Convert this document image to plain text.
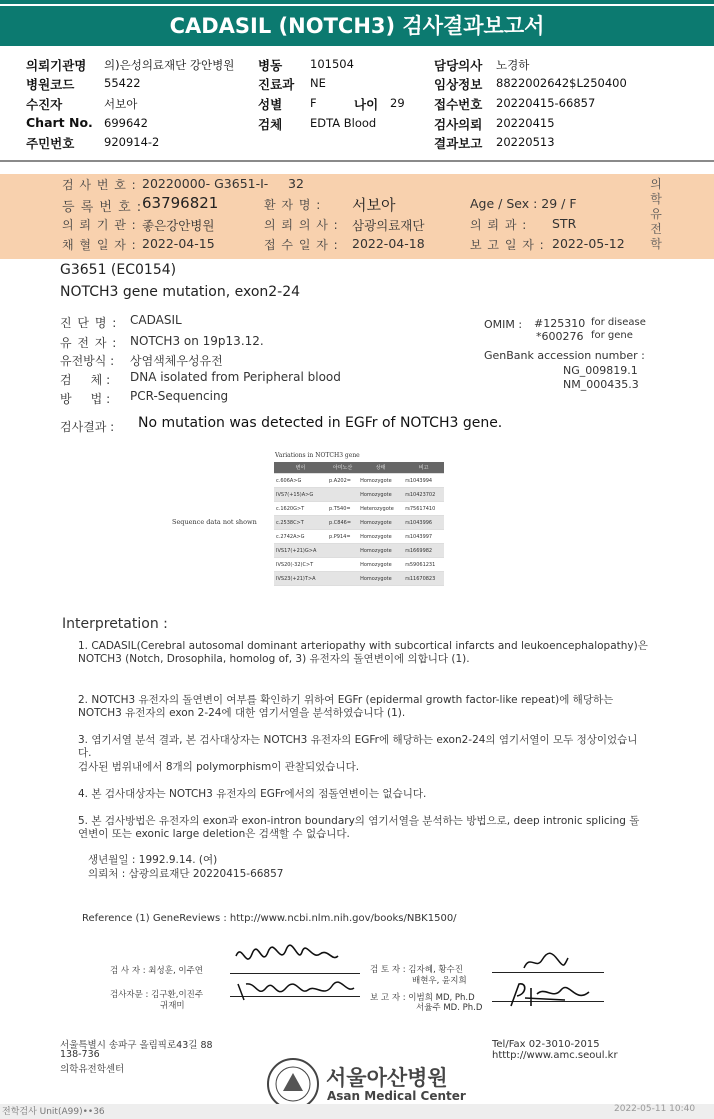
CADASIL (NOTCH3) 검사결과보고서
의뢰기관명 의)은성의료재단 강안병원
병원코드	55422
수진자	서보아
Chart No. 699642
주민번호	920914-2
병동 101504
진료과 NE
성별 F	나이 29
검체 EDTA Blood
담당의사 노경하
임상정보 8822002642$L250400
접수번호 20220415-66857
검사의뢰 20220415
결과보고 20220513
검 사 번 호 : 20220000- G3651-I- 32
등 록 번 호 : 63796821	환 자 명 : 서보아	Age / Sex : 29 / F
의 뢰 기 관 : 좋은강안병원	의 뢰 의 사 : 삼광의료재단	의 뢰 과 : STR
채 혈 일 자 : 2022-04-15	접 수 일 자 : 2022-04-18	보 고 일 자 : 2022-05-12
의
학
유
전
학
G3651 (EC0154)
NOTCH3 gene mutation, exon2-24
진 단 명 : CADASIL
유 전 자 : NOTCH3 on 19p13.12.
유전방식 : 상염색체우성유전
검     체 : DNA isolated from Peripheral blood
방     법 : PCR-Sequencing
OMIM : #125310 for disease
*600276 for gene
GenBank accession number :
NG_009819.1
NM_000435.3
검사결과 : No mutation was detected in EGFr of NOTCH3 gene.
Variations in NOTCH3 gene
Sequence data not shown
변이	아미노산	상태	비고
c.606A>G	p.A202=	Homozygote	rs1043994
IVS7(+15)A>G		Homozygote	rs10423702
c.1620G>T	p.T540=	Heterozygote	rs75617410
c.2538C>T	p.C846=	Homozygote	rs1043996
c.2742A>G	p.P914=	Homozygote	rs1043997
IVS17(+21)G>A		Homozygote	rs1669982
IVS20(-32)C>T		Homozygote	rs59061231
IVS23(+21)T>A		Homozygote	rs11670823
Interpretation :
1. CADASIL(Cerebral autosomal dominant arteriopathy with subcortical infarcts and leukoencephalopathy)은 NOTCH3 (Notch, Drosophila, homolog of, 3) 유전자의 돌연변이에 의합니다 (1).
2. NOTCH3 유전자의 돌연변이 여부를 확인하기 위하여 EGFr (epidermal growth factor-like repeat)에 해당하는 NOTCH3 유전자의 exon 2-24에 대한 염기서열을 분석하였습니다 (1).
3. 염기서열 분석 결과, 본 검사대상자는 NOTCH3 유전자의 EGFr에 해당하는 exon2-24의 염기서열이 모두 정상이었습니다.
검사된 범위내에서 8개의 polymorphism이 관찰되었습니다.
4. 본 검사대상자는 NOTCH3 유전자의 EGFr에서의 점돌연변이는 없습니다.
5. 본 검사방법은 유전자의 exon과 exon-intron boundary의 염기서열을 분석하는 방법으로, deep intronic splicing 돌연변이 또는 exonic large deletion은 검색할 수 없습니다.
생년월일 : 1992.9.14. (여)
의뢰처 : 삼광의료재단 20220415-66857
Reference (1) GeneReviews : http://www.ncbi.nlm.nih.gov/books/NBK1500/
검 사 자 : 최성훈, 이주연
검사자문 : 김구환,이진주
귀재미
검 토 자 : 김자혜, 황수진
배현우, 윤지희
보 고 자 : 이범희 MD, Ph.D
서율주 MD. Ph.D
서울특별시 송파구 올림픽로43길 88
138-736
의학유전학센터
Tel/Fax 02-3010-2015
htttp://www.amc.seoul.kr
서울아산병원
Asan Medical Center
전학검사 Unit(A99)••36	2022-05-11 10:40
